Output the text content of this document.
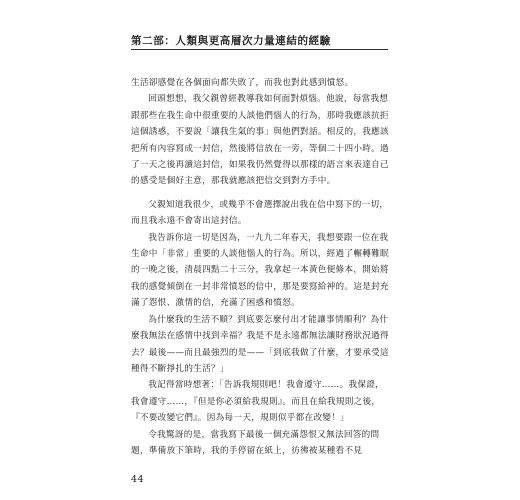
第二部：人類與更高層次力量連結的經驗

生活卻感覺在各個面向都失敗了，而我也對此感到憤怒。

回頭想想，我父親曾經教導我如何面對煩惱。他說，每當我想跟那些在我生命中很重要的人談他們惱人的行為，那時我應該抗拒這個誘惑，不要說「讓我生氣的事」與他們對話。相反的，我應該把所有內容寫成一封信，然後將信放在一旁，等個二十四小時。過了一天之後再讀這封信，如果我仍然覺得以那樣的語言來表達自己的感受是個好主意，那我就應該把信交到對方手中。

父親知道我很少，或幾乎不會選擇說出我在信中寫下的一切，而且我永遠不會寄出這封信。

我告訴你這一切是因為，一九九二年春天，我想要跟一位在我生命中「非常」重要的人談他惱人的行為。所以，經過了輾轉難眠的一晚之後，清晨四點二十三分，我拿起一本黃色便條本，開始將我的感覺傾倒在一封非常憤怒的信中，那是要寫給神的。這是封充滿了怨恨、激情的信，充滿了困惑和憤怒。

為什麼我的生活不順？到底要怎麼付出才能讓事情順利？為什麼我無法在感情中找到幸福？我是不是永遠都無法讓財務狀況過得去？最後——而且最強烈的是——「到底我做了什麼，才要承受這種得不斷掙扎的生活？」

我記得當時想著：「告訴我規則吧！我會遵守……。我保證，我會遵守……，『但是你必須給我規則』。而且在給我規則之後，『不要改變它們』。因為每一天，規則似乎都在改變！」

令我驚訝的是，當我寫下最後一個充滿怨恨又無法回答的問題，準備放下筆時，我的手停留在紙上，彷彿被某種看不見

44
